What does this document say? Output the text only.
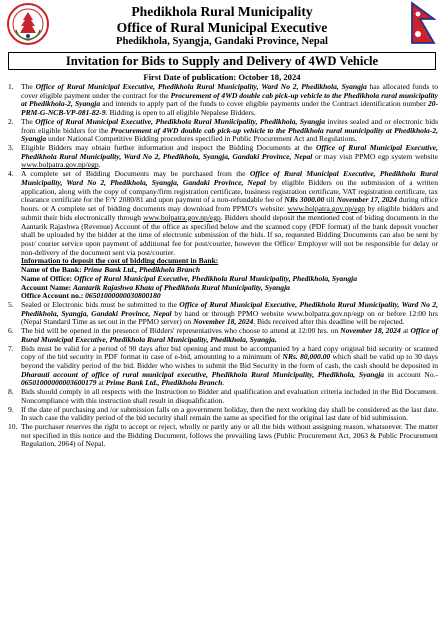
Phedikhola Rural Municipality
Office of Rural Municipal Executive
Phedikhola, Syangja, Gandaki Province, Nepal
Invitation for Bids to Supply and Delivery of 4WD Vehicle
First Date of publication: October 18, 2024
1. The Office of Rural Municipal Executive, Phedikhola Rural Municipality, Ward No 2, Phedikhola, Syangja has allocated funds to cover eligible payment under the contract for the Procurement of 4WD double cab pick-up vehicle to the Phedikhola rural municipality at Phedikhola-2, Syangja and intends to apply part of the funds to cover eligible payments under the Contract identification number 20-PRM-G-NCB-VP-081-82-9. Bidding is open to all eligible Nepalese Bidders.
2. The Office of Rural Municipal Executive, Phedikhola Rural Muniicipality, Phedikhola, Syangja invites sealed and or electronic bids from eligible bidders for the Procurement of 4WD double cab pick-up vehicle to the Phedikhola rural municipality at Phedikhola-2, Syangja under National Competitive Bidding procedures specified in Public Procurement Act and Regulations.
3. Eligible Bidders may obtain further information and inspect the Bidding Documents at the Office of Rural Municipal Executive, Phedikhola Rural Municipality, Ward No 2, Phedikhola, Syangja, Gandaki Province, Nepal or may visit PPMO egp system website www.bolpatra.gov.np/egp.
4. A complete set of Bidding Documents may be purchased from the Office of Rural Municipal Executive, Phedikhola Rural Municipality, Ward No 2, Phedikhola, Syangja, Gandaki Province, Nepal by eligible Bidders on the submission of a written application, along with the copy of company/firm registration certificate, business registration certificate, VAT registration certificate, tax clearance certificate for the F/Y 2080/81 and upon payment of a non-refundable fee of NRs 3000.00 till November 17, 2024 during office hours. or A complete set of bidding documents may download from PPMO's website: www.bolpatra.gov.np/egp by eligible bidders and submit their bids electronically through www.bolpatra.gov.np/egp. Bidders should deposit the mentioned cost of biding documents in the Aantarik Rajashwa (Revenue) Account of the office as specified below and the scanned copy (PDF format) of the bank deposit voucher shall be uploaded by the bidder at the time of electronic submission of the bids. If so, requested Bidding Documents can also be sent by post/ courier service upon payment of additional fee for post/courier, however the Office/ Employer will not be responsible for delay or non-delivery of the document sent via post/courier.
Information to deposit the cost of bidding document in Bank:
Name of the Bank: Prime Bank Ltd., Phedikhola Branch
Name of Office: Office of Rural Municipal Executive, Phedikhola Rural Municipality, Phedikhola, Syangja
Account Name: Aantarik Rajashwa Khata of Phedikhola Rural Municipality, Syangja
Office Account no.: 06501000000030800180
5. Sealed or Electronic bids must be submitted to the Office of Rural Municipal Executive, Phedikhola Rural Municipality, Ward No 2, Phedikhola, Syangja, Gandaki Province, Nepal by hand or through PPMO website www.bolpatra.gov.np/egp on or before 12:00 hrs (Nepal Standard Time as set out in the PPMO server) on November 18, 2024. Bids received after this deadline will be rejected.
6. The bid will be opened in the presence of Bidders' representatives who choose to attend at 12:00 hrs. on November 18, 2024 at Office of Rural Municipal Executive, Phedikhola Rural Municipality, Phedikhola, Syangja.
7. Bids must be valid for a period of 90 days after bid opening and must be accompanied by a hard copy original bid security or scanned copy of the bid security in PDF format in case of e-bid, amounting to a minimum of NRs. 80,000.00 which shall be valid up to 30 days beyond the validity period of the bid. Bidder who wishes to submit the Bid Security in the form of cash, the cash should be deposited in Dharauti account of office of rural municipal executive, Phedikhola Rural Municipality, Phedikhola, Syangja in account No.- 06501000000003600179 at Prime Bank Ltd., Phedikhola Branch.
8. Bids should comply in all respects with the Instruction to Bidder and qualification and evaluation criteria included in the Bid Document. Noncompliance with this instruction shall result in disqualification.
9. If the date of purchasing and /or submission falls on a government holiday, then the next working day shall be considered as the last date. In such case the validity period of the bid security shall remain the same as specified for the original last date of bid submission.
10. The purchaser reserves the right to accept or reject, wholly or partly any or all the bids without assigning reason, whatsoever. The matter not specified in this notice and the Bidding Document, follows the prevailing laws (Public Procurement Act, 2063 & Public Procurement Regulation, 2064) of Nepal.
